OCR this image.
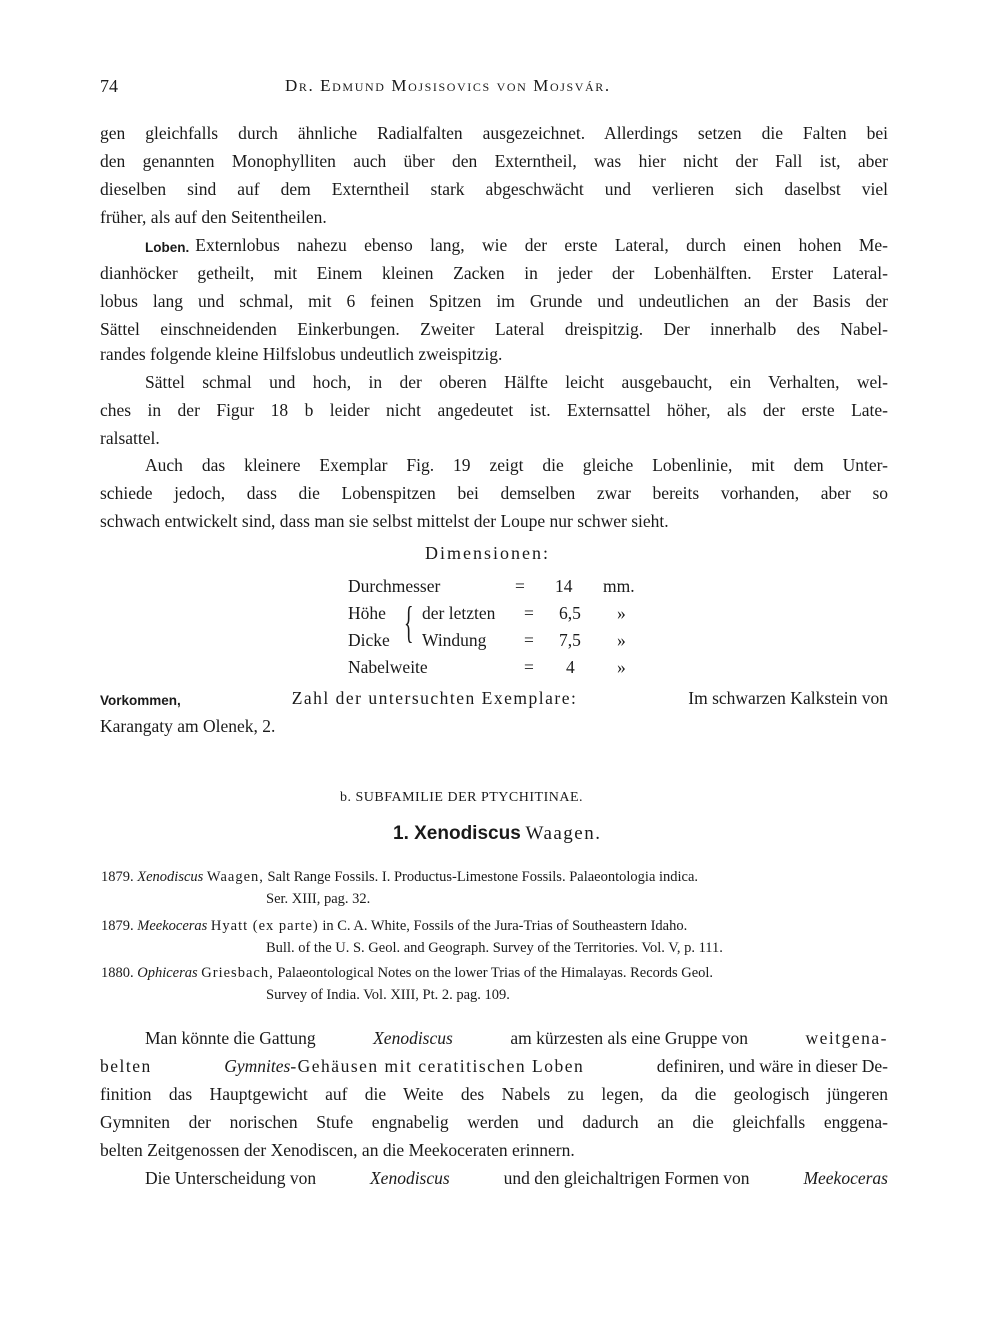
74	Dr. Edmund Mojsisovics von Mojsvár.
gen gleichfalls durch ähnliche Radialfalten ausgezeichnet. Allerdings setzen die Falten bei
den genannten Monophylliten auch über den Externtheil, was hier nicht der Fall ist, aber
dieselben sind auf dem Externtheil stark abgeschwächt und verlieren sich daselbst viel
früher, als auf den Seitentheilen.
Loben. Externlobus nahezu ebenso lang, wie der erste Lateral, durch einen hohen Me-
dianhöcker getheilt, mit Einem kleinen Zacken in jeder der Lobenhälften. Erster Lateral-
lobus lang und schmal, mit 6 feinen Spitzen im Grunde und undeutlichen an der Basis der
Sättel einschneidenden Einkerbungen. Zweiter Lateral dreispitzig. Der innerhalb des Nabel-
randes folgende kleine Hilfslobus undeutlich zweispitzig.
Sättel schmal und hoch, in der oberen Hälfte leicht ausgebaucht, ein Verhalten, wel-
ches in der Figur 18 b leider nicht angedeutet ist. Externsattel höher, als der erste Late-
ralsattel.
Auch das kleinere Exemplar Fig. 19 zeigt die gleiche Lobenlinie, mit dem Unter-
schiede jedoch, dass die Lobenspitzen bei demselben zwar bereits vorhanden, aber so
schwach entwickelt sind, dass man sie selbst mittelst der Loupe nur schwer sieht.
Dimensionen:
Durchmesser	= 14 mm.
Höhe der letzten = 6,5 »
{
Dicke Windung = 7,5 »
Nabelweite	= 4 »
Vorkommen,	Zahl der untersuchten Exemplare:	Im schwarzen Kalkstein von
Karangaty am Olenek, 2.
b. SUBFAMILIE DER PTYCHITINAE.
1. Xenodiscus Waagen.
1879. Xenodiscus Waagen, Salt Range Fossils. I. Productus-Limestone Fossils. Palaeontologia indica.
Ser. XIII, pag. 32.
1879. Meekoceras Hyatt (ex parte) in C. A. White, Fossils of the Jura-Trias of Southeastern Idaho.
Bull. of the U. S. Geol. and Geograph. Survey of the Territories. Vol. V, p. 111.
1880. Ophiceras Griesbach, Palaeontological Notes on the lower Trias of the Himalayas. Records Geol.
Survey of India. Vol. XIII, Pt. 2. pag. 109.
Man könnte die Gattung	Xenodiscus	am kürzesten als eine Gruppe von	weitgena-
belten	Gymnites-Gehäusen mit ceratitischen Loben	definiren, und wäre in dieser De-
finition das Hauptgewicht auf die Weite des Nabels zu legen, da die geologisch jüngeren
Gymniten der norischen Stufe engnabelig werden und dadurch an die gleichfalls enggena-
belten Zeitgenossen der Xenodiscen, an die Meekoceraten erinnern.
Die Unterscheidung von	Xenodiscus	und den gleichaltrigen Formen von	Meekoceras
